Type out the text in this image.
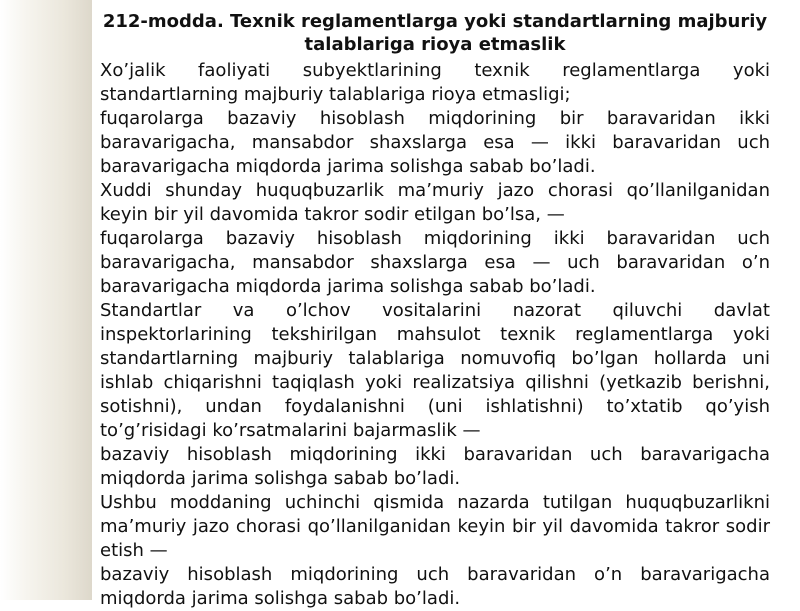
212-modda. Texnik reglamentlarga yoki standartlarning majburiy talablariga rioya etmaslik

Xo’jalik faoliyati subyektlarining texnik reglamentlarga yoki standartlarning majburiy talablariga rioya etmasligi;

fuqarolarga bazaviy hisoblash miqdorining bir baravaridan ikki baravarigacha, mansabdor shaxslarga esa — ikki baravaridan uch baravarigacha miqdorda jarima solishga sabab bo’ladi.

Xuddi shunday huquqbuzarlik ma’muriy jazo chorasi qo’llanilganidan keyin bir yil davomida takror sodir etilgan bo’lsa, —

fuqarolarga bazaviy hisoblash miqdorining ikki baravaridan uch baravarigacha, mansabdor shaxslarga esa — uch baravaridan o’n baravarigacha miqdorda jarima solishga sabab bo’ladi.

Standartlar va o’lchov vositalarini nazorat qiluvchi davlat inspektorlarining tekshirilgan mahsulot texnik reglamentlarga yoki standartlarning majburiy talablariga nomuvofiq bo’lgan hollarda uni ishlab chiqarishni taqiqlash yoki realizatsiya qilishni (yetkazib berishni, sotishni), undan foydalanishni (uni ishlatishni) to’xtatib qo’yish to’g’risidagi ko’rsatmalarini bajarmaslik —

bazaviy hisoblash miqdorining ikki baravaridan uch baravarigacha miqdorda jarima solishga sabab bo’ladi.

Ushbu moddaning uchinchi qismida nazarda tutilgan huquqbuzarlikni ma’muriy jazo chorasi qo’llanilganidan keyin bir yil davomida takror sodir etish —

bazaviy hisoblash miqdorining uch baravaridan o’n baravarigacha miqdorda jarima solishga sabab bo’ladi.
